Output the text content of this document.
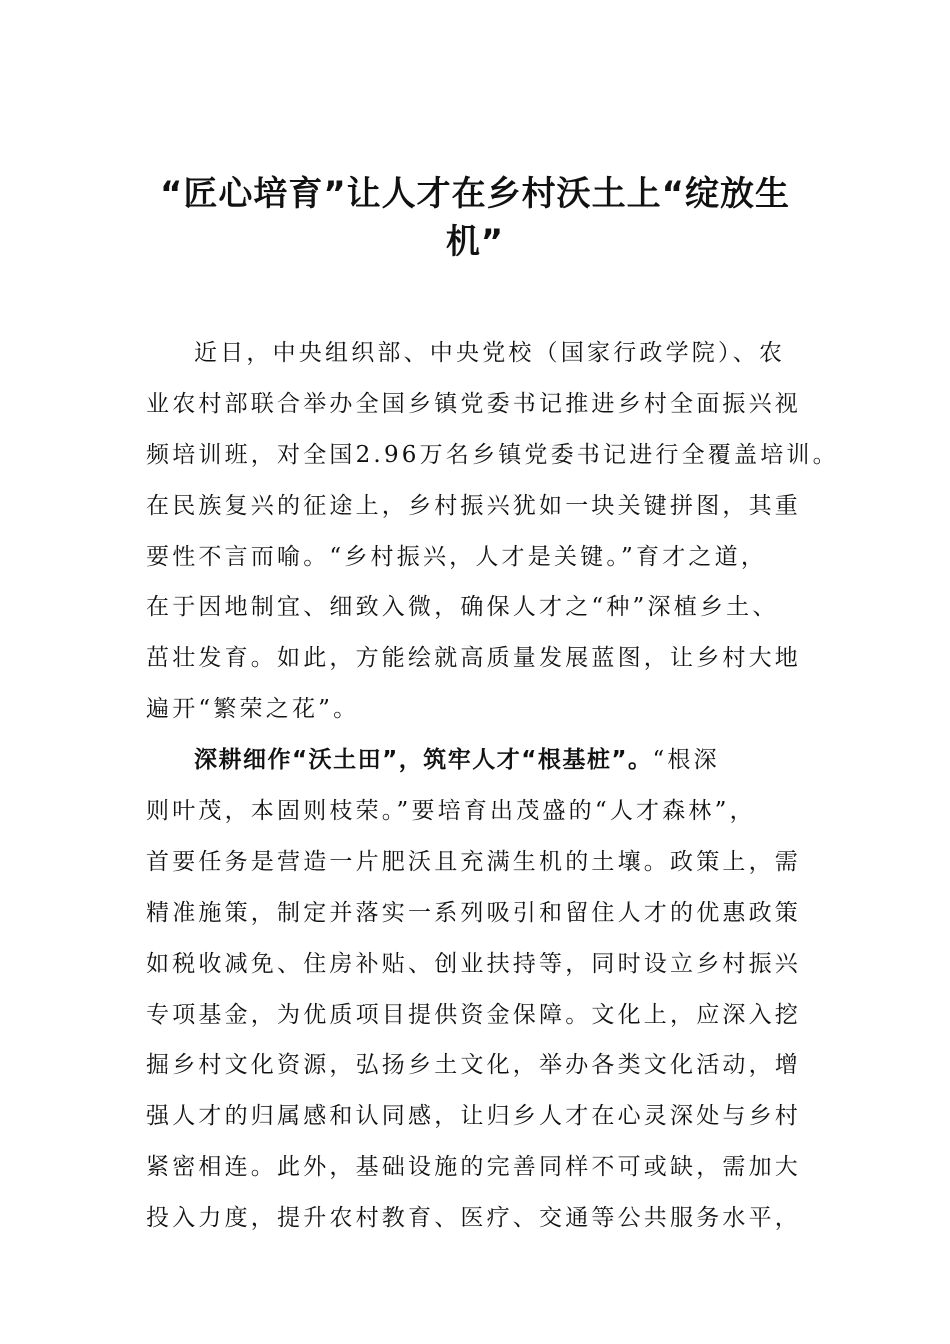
“匠心培育”让人才在乡村沃土上“绽放生
机”
近日，中央组织部、中央党校（国家行政学院）、农
业农村部联合举办全国乡镇党委书记推进乡村全面振兴视
频培训班，对全国2.96万名乡镇党委书记进行全覆盖培训。
在民族复兴的征途上，乡村振兴犹如一块关键拼图，其重
要性不言而喻。“乡村振兴，人才是关键。”育才之道，
在于因地制宜、细致入微，确保人才之“种”深植乡土、
茁壮发育。如此，方能绘就高质量发展蓝图，让乡村大地
遍开“繁荣之花”。
深耕细作“沃土田”，筑牢人才“根基桩”。“根深
则叶茂，本固则枝荣。”要培育出茂盛的“人才森林”，
首要任务是营造一片肥沃且充满生机的土壤。政策上，需
精准施策，制定并落实一系列吸引和留住人才的优惠政策
如税收减免、住房补贴、创业扶持等，同时设立乡村振兴
专项基金，为优质项目提供资金保障。文化上，应深入挖
掘乡村文化资源，弘扬乡土文化，举办各类文化活动，增
强人才的归属感和认同感，让归乡人才在心灵深处与乡村
紧密相连。此外，基础设施的完善同样不可或缺，需加大
投入力度，提升农村教育、医疗、交通等公共服务水平，
